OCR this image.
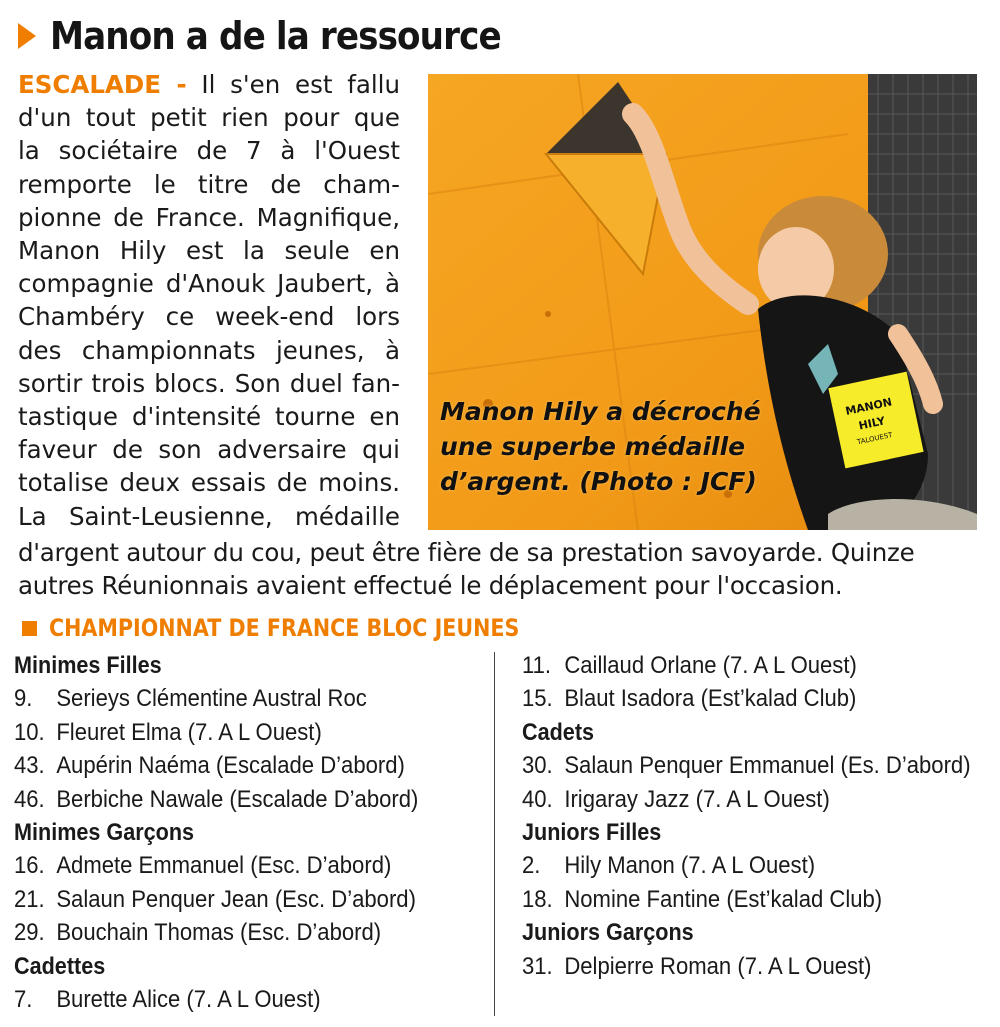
Manon a de la ressource
ESCALADE - Il s'en est fallu
d'un tout petit rien pour que
la sociétaire de 7 à l'Ouest
remporte le titre de cham-
pionne de France. Magnifique,
Manon Hily est la seule en
compagnie d'Anouk Jaubert, à
Chambéry ce week-end lors
des championnats jeunes, à
sortir trois blocs. Son duel fan-
tastique d'intensité tourne en
faveur de son adversaire qui
totalise deux essais de moins.
La Saint-Leusienne, médaille
d'argent autour du cou, peut être fière de sa prestation savoyarde. Quinze
autres Réunionnais avaient effectué le déplacement pour l'occasion.
MANON
HILY
TALOUEST
Manon Hily a décroché
une superbe médaille
d’argent. (Photo : JCF)
CHAMPIONNAT DE FRANCE BLOC JEUNES
Minimes Filles
9. Serieys Clémentine Austral Roc
10. Fleuret Elma (7. A L Ouest)
43. Aupérin Naéma (Escalade D’abord)
46. Berbiche Nawale (Escalade D’abord)
Minimes Garçons
16. Admete Emmanuel (Esc. D’abord)
21. Salaun Penquer Jean (Esc. D’abord)
29. Bouchain Thomas (Esc. D’abord)
Cadettes
7. Burette Alice (7. A L Ouest)
11. Caillaud Orlane (7. A L Ouest)
15. Blaut Isadora (Est’kalad Club)
Cadets
30. Salaun Penquer Emmanuel (Es. D’abord)
40. Irigaray Jazz (7. A L Ouest)
Juniors Filles
2. Hily Manon (7. A L Ouest)
18. Nomine Fantine (Est’kalad Club)
Juniors Garçons
31. Delpierre Roman (7. A L Ouest)
